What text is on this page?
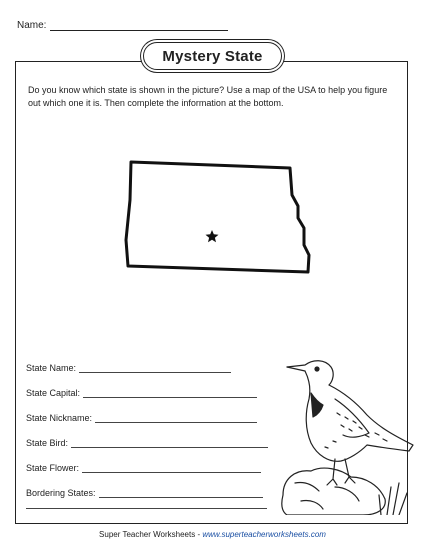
Name:
Mystery State

Do you know which state is shown in the picture? Use a map of the USA to help you figure out which one it is. Then complete the information at the bottom.

State Name:
State Capital:
State Nickname:
State Bird:
State Flower:
Bordering States:
Super Teacher Worksheets - www.superteacherworksheets.com
